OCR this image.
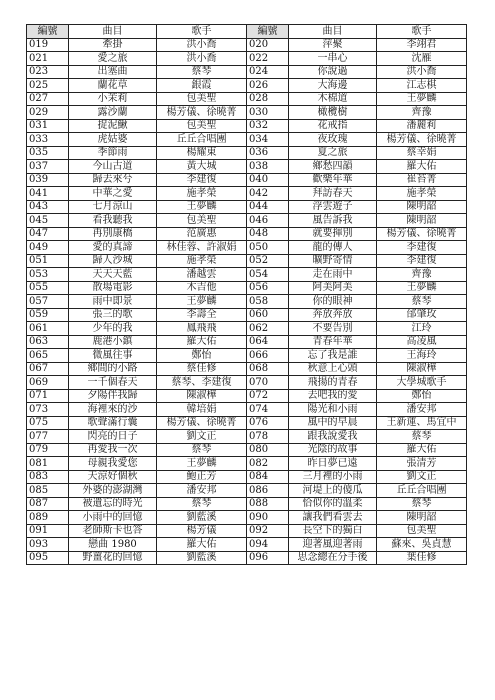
編號	曲目	歌手	編號	曲目	歌手
019	牽掛	洪小喬	020	萍聚	李翊君
021	愛之旅	洪小喬	022	一串心	沈雁
023	出塞曲	蔡琴	024	你說過	洪小喬
025	蘭花草	銀霞	026	大海邊	江志棋
027	小茉莉	包美聖	028	木棉道	王夢麟
029	露沙蘭	楊芳儀、徐曉菁	030	橄欖樹	齊豫
031	捉泥鰍	包美聖	032	花戒指	潘麗莉
033	虎姑婆	丘丘合唱團	034	夜玫瑰	楊芳儀、徐曉菁
035	季節雨	楊耀東	036	夏之旅	蔡幸娟
037	今山古道	黃大城	038	鄉愁四韻	羅大佑
039	歸去來兮	李建復	040	歡樂年華	崔苔菁
041	中華之愛	施孝榮	042	拜訪春天	施孝榮
043	七月涼山	王夢麟	044	浮雲遊子	陳明韶
045	看我聽我	包美聖	046	風告訴我	陳明韶
047	再別康橋	范廣惠	048	就要揮別	楊芳儀、徐曉菁
049	愛的真諦	林佳蓉、許淑娟	050	龍的傳人	李建復
051	歸人沙城	施孝榮	052	曠野寄情	李建復
053	天天天藍	潘越雲	054	走在雨中	齊豫
055	散場電影	木吉他	056	阿美阿美	王夢麟
057	雨中即景	王夢麟	058	你的眼神	蔡琴
059	張三的歌	李壽全	060	奔放奔放	邰肇玫
061	少年的我	鳳飛飛	062	不要告別	江玲
063	鹿港小鎮	羅大佑	064	青春年華	高凌風
065	微風往事	鄭怡	066	忘了我是誰	王海玲
067	鄉間的小路	蔡佳修	068	秋意上心頭	陳淑樺
069	一千個春天	蔡琴、李建復	070	飛揚的青春	大學城歌手
071	夕陽伴我歸	陳淑樺	072	去吧我的愛	鄭怡
073	海裡來的沙	韓培娟	074	陽光和小雨	潘安邦
075	歌聲滿行囊	楊芳儀、徐曉菁	076	風中的早晨	王新蓮、馬宜中
077	閃亮的日子	劉文正	078	跟我說愛我	蔡琴
079	再愛我一次	蔡琴	080	光陰的故事	羅大佑
081	母親我愛您	王夢麟	082	昨日夢已遠	張清芳
083	天涼好個秋	鮑正芳	084	三月裡的小雨	劉文正
085	外婆的澎湖灣	潘安邦	086	河堤上的傻瓜	丘丘合唱團
087	被遺忘的時光	蔡琴	088	恰似你的溫柔	蔡琴
089	小雨中的回憶	劉藍溪	090	讓我們看雲去	陳明韶
091	老師斯卡也答	楊芳儀	092	長空下的獨白	包美聖
093	戀曲 1980	羅大佑	094	迎著風迎著雨	蘇來、吳貞慧
095	野薑花的回憶	劉藍溪	096	思念總在分手後	葉佳修
